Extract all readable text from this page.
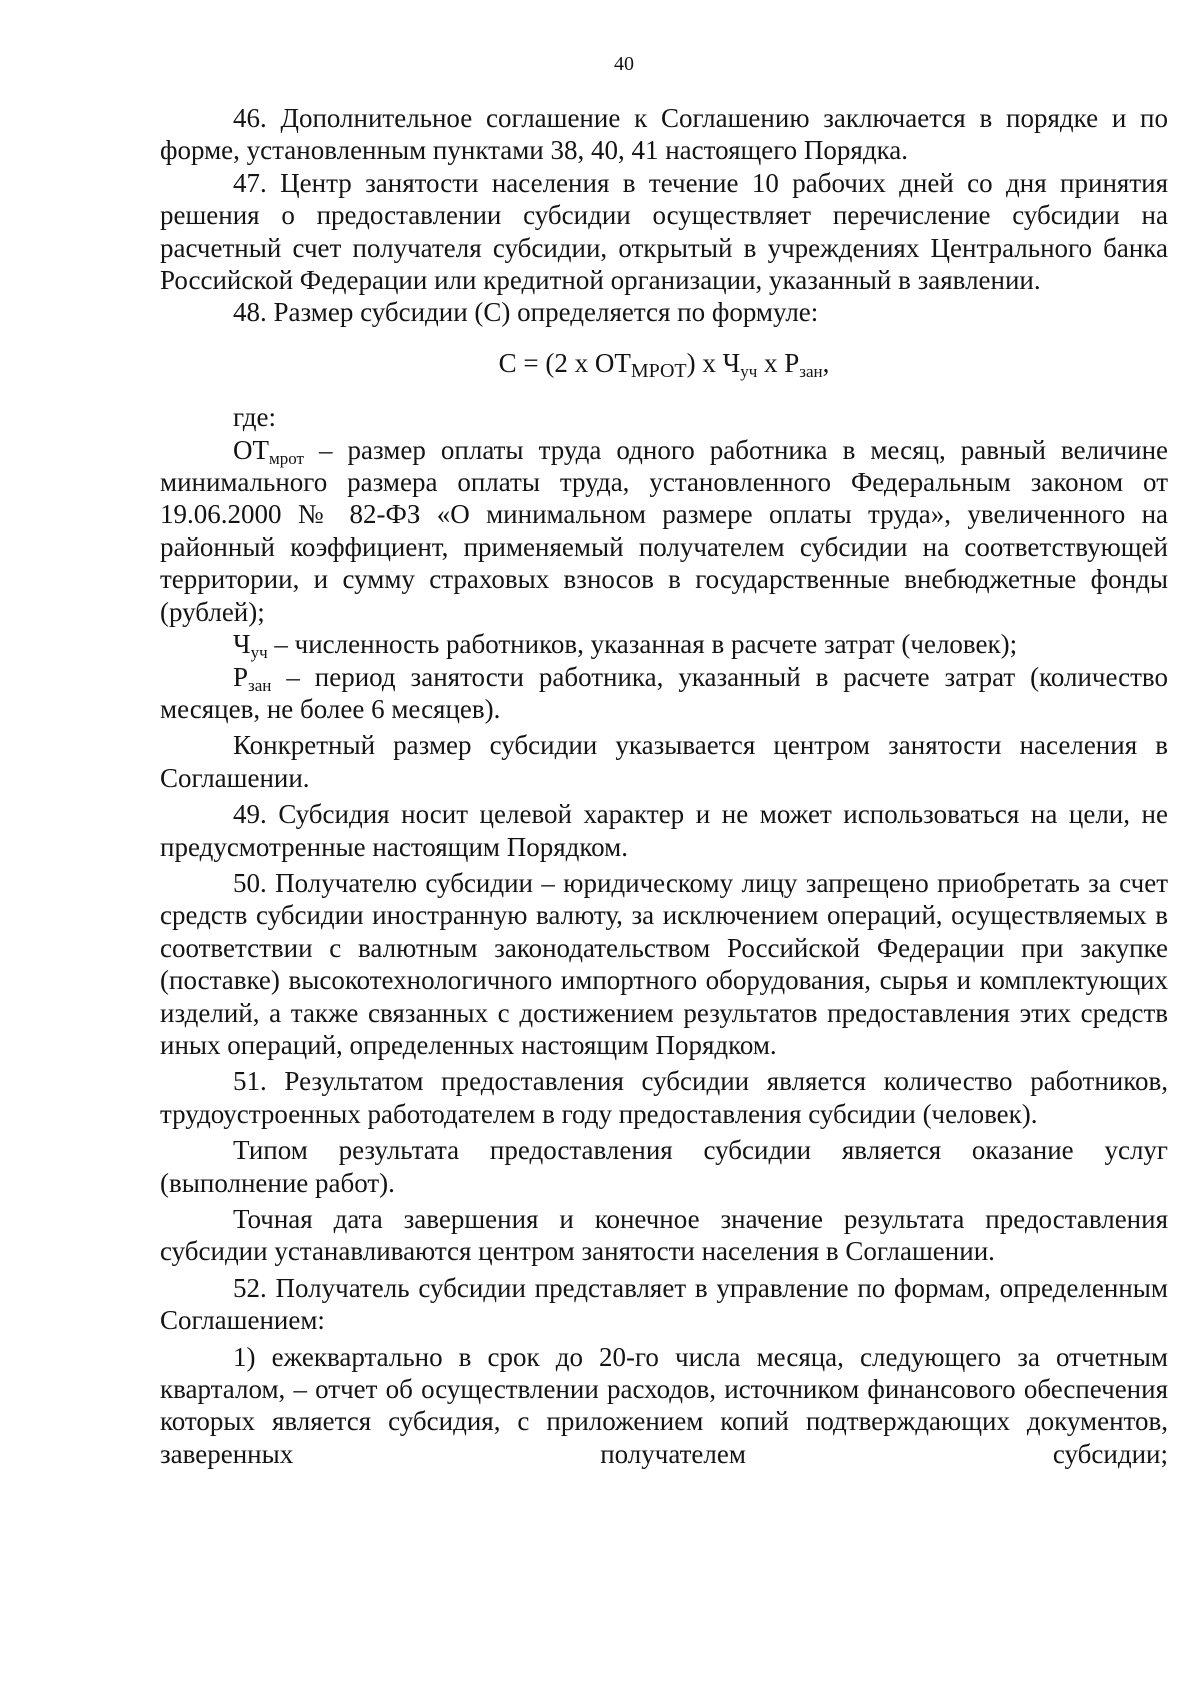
40

46. Дополнительное соглашение к Соглашению заключается в порядке и по форме, установленным пунктами 38, 40, 41 настоящего Порядка.

47. Центр занятости населения в течение 10 рабочих дней со дня принятия решения о предоставлении субсидии осуществляет перечисление субсидии на расчетный счет получателя субсидии, открытый в учреждениях Центрального банка Российской Федерации или кредитной организации, указанный в заявлении.

48. Размер субсидии (С) определяется по формуле:

С = (2 х $ОТ_{МРОТ}$) х $Ч_{уч}$ х $Р_{зан}$,

где:

$ОТ_{мрот}$ – размер оплаты труда одного работника в месяц, равный величине минимального размера оплаты труда, установленного Федеральным законом от 19.06.2000 № 82-ФЗ «О минимальном размере оплаты труда», увеличенного на районный коэффициент, применяемый получателем субсидии на соответствующей территории, и сумму страховых взносов в государственные внебюджетные фонды (рублей);

$Ч_{уч}$ – численность работников, указанная в расчете затрат (человек);

$Р_{зан}$ – период занятости работника, указанный в расчете затрат (количество месяцев, не более 6 месяцев).

Конкретный размер субсидии указывается центром занятости населения в Соглашении.

49. Субсидия носит целевой характер и не может использоваться на цели, не предусмотренные настоящим Порядком.

50. Получателю субсидии – юридическому лицу запрещено приобретать за счет средств субсидии иностранную валюту, за исключением операций, осуществляемых в соответствии с валютным законодательством Российской Федерации при закупке (поставке) высокотехнологичного импортного оборудования, сырья и комплектующих изделий, а также связанных с достижением результатов предоставления этих средств иных операций, определенных настоящим Порядком.

51. Результатом предоставления субсидии является количество работников, трудоустроенных работодателем в году предоставления субсидии (человек).

Типом результата предоставления субсидии является оказание услуг (выполнение работ).

Точная дата завершения и конечное значение результата предоставления субсидии устанавливаются центром занятости населения в Соглашении.

52. Получатель субсидии представляет в управление по формам, определенным Соглашением:

1) ежеквартально в срок до 20-го числа месяца, следующего за отчетным кварталом, – отчет об осуществлении расходов, источником финансового обеспечения которых является субсидия, с приложением копий подтверждающих документов, заверенных получателем субсидии;
